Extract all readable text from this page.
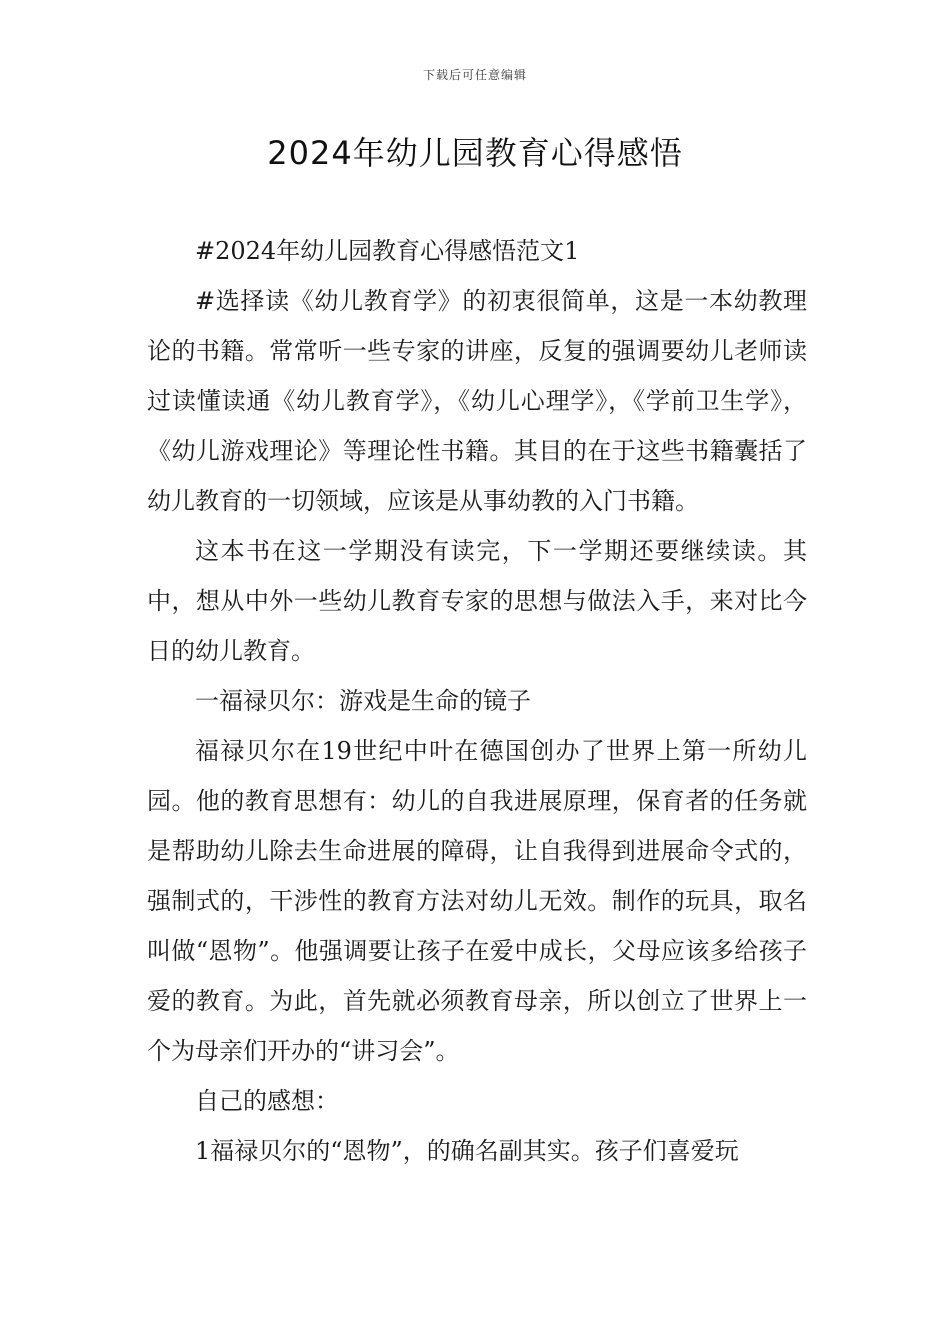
下载后可任意编辑
2024年幼儿园教育心得感悟

#2024年幼儿园教育心得感悟范文1

#选择读《幼儿教育学》的初衷很简单，这是一本幼教理论的书籍。常常听一些专家的讲座，反复的强调要幼儿老师读过读懂读通《幼儿教育学》，《幼儿心理学》，《学前卫生学》，《幼儿游戏理论》等理论性书籍。其目的在于这些书籍囊括了幼儿教育的一切领域，应该是从事幼教的入门书籍。

这本书在这一学期没有读完，下一学期还要继续读。其中，想从中外一些幼儿教育专家的思想与做法入手，来对比今日的幼儿教育。

一福禄贝尔：游戏是生命的镜子

福禄贝尔在19世纪中叶在德国创办了世界上第一所幼儿园。他的教育思想有：幼儿的自我进展原理，保育者的任务就是帮助幼儿除去生命进展的障碍，让自我得到进展命令式的，强制式的，干涉性的教育方法对幼儿无效。制作的玩具，取名叫做“恩物”。他强调要让孩子在爱中成长，父母应该多给孩子爱的教育。为此，首先就必须教育母亲，所以创立了世界上一个为母亲们开办的“讲习会”。

自己的感想：

1福禄贝尔的“恩物”，的确名副其实。孩子们喜爱玩
